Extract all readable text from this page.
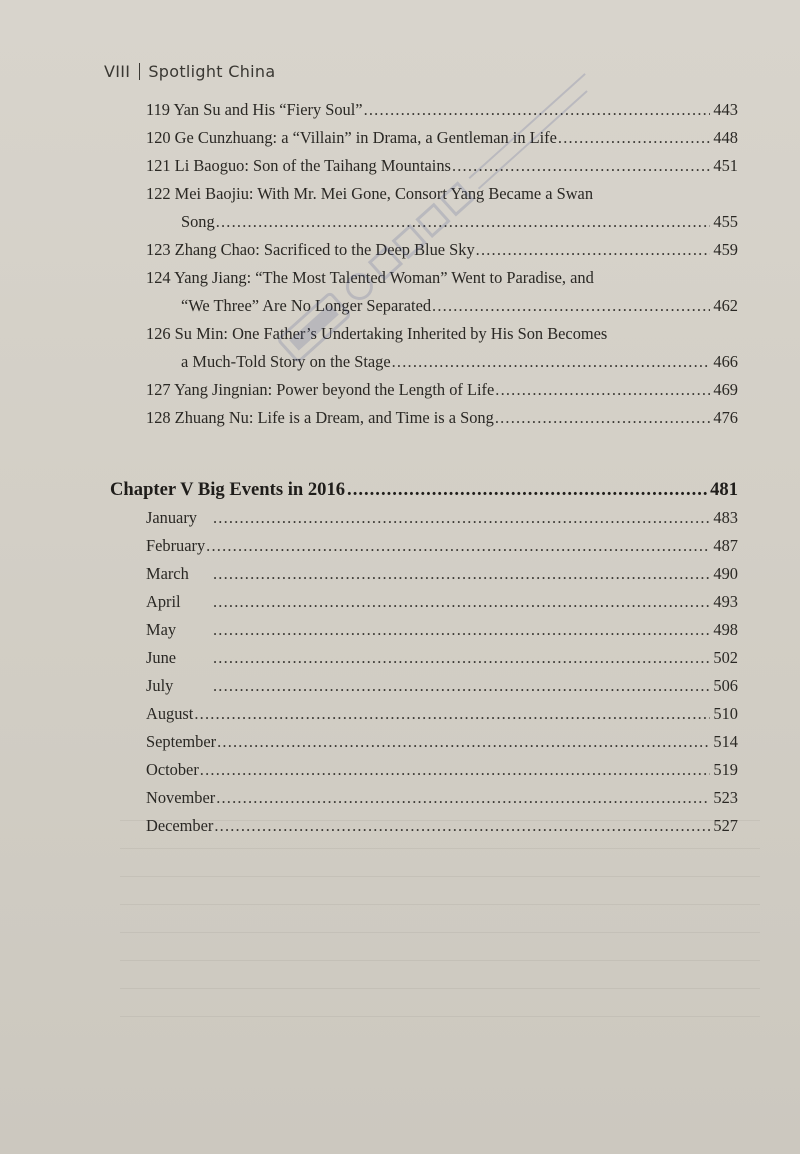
VIII Spotlight China
119 Yan Su and His “Fiery Soul” .....	443
120 Ge Cunzhuang: a “Villain” in Drama, a Gentleman in Life .....	448
121 Li Baoguo: Son of the Taihang Mountains .....	451
122 Mei Baojiu: With Mr. Mei Gone, Consort Yang Became a Swan
Song .....	455
123 Zhang Chao: Sacrificed to the Deep Blue Sky .....	459
124 Yang Jiang: “The Most Talented Woman” Went to Paradise, and
“We Three” Are No Longer Separated .....	462
126 Su Min: One Father’s Undertaking Inherited by His Son Becomes
a Much-Told Story on the Stage .....	466
127 Yang Jingnian: Power beyond the Length of Life .....	469
128 Zhuang Nu: Life is a Dream, and Time is a Song .....	476
Chapter V Big Events in 2016 .....	481
January .....	483
February .....	487
March .....	490
April .....	493
May .....	498
June .....	502
July .....	506
August .....	510
September .....	514
October .....	519
November .....	523
December .....	527
